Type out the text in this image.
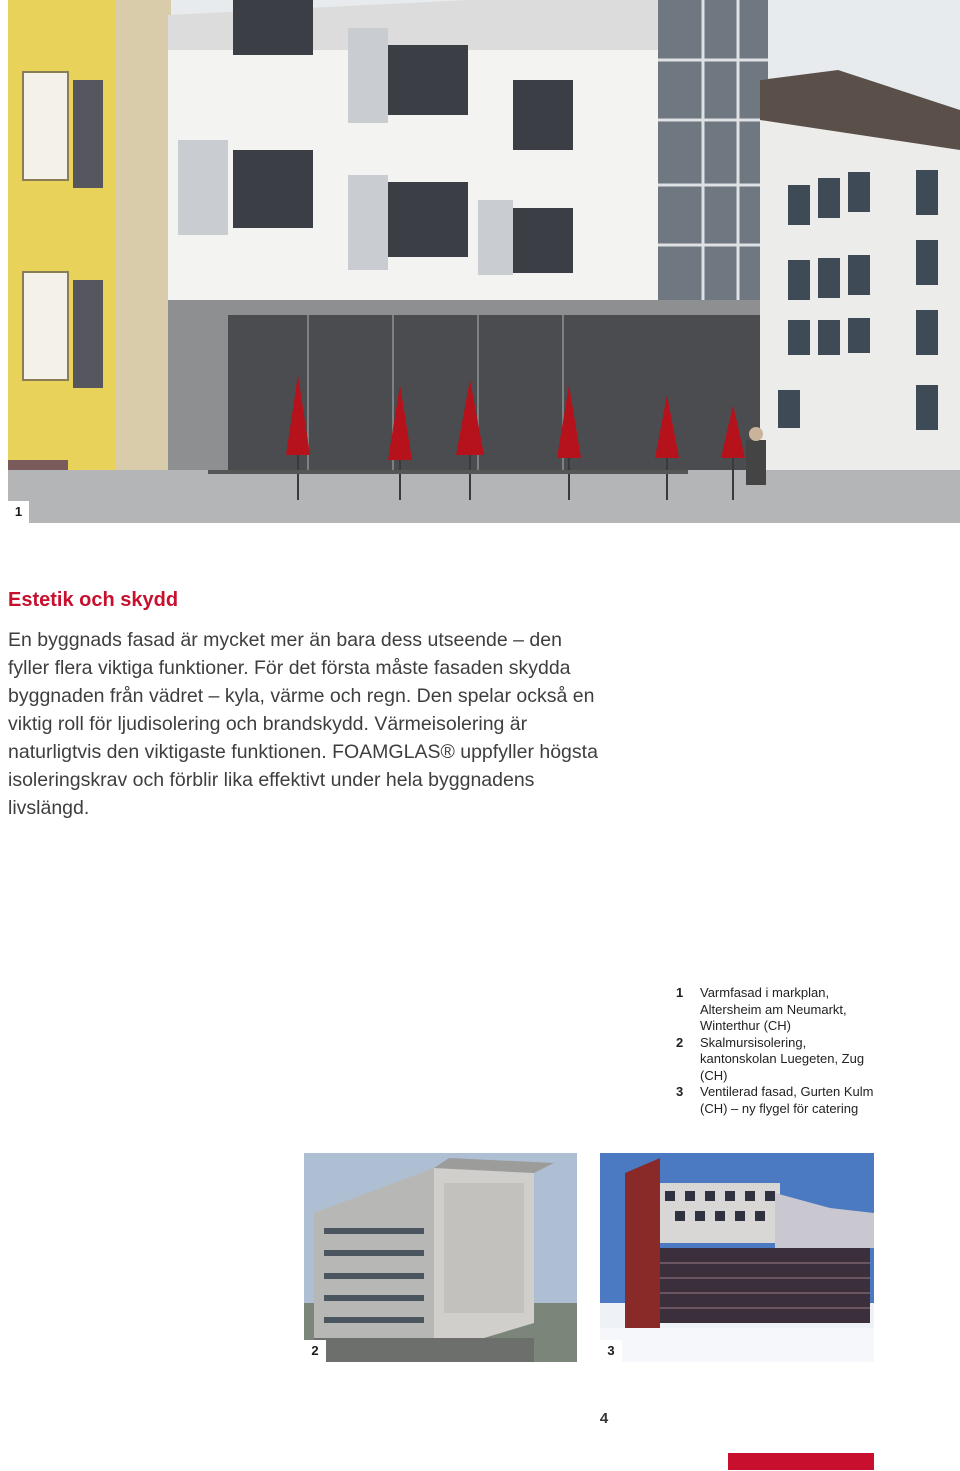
1
Estetik och skydd

En byggnads fasad är mycket mer än bara dess utseende – den fyller flera viktiga funktioner. För det första måste fasaden skydda byggnaden från vädret – kyla, värme och regn. Den spelar också en viktig roll för ljudisolering och brandskydd. Värmeisolering är naturligtvis den viktigaste funktionen. FOAMGLAS® uppfyller högsta isoleringskrav och förblir lika effektivt under hela byggnadens livslängd.

1	Varmfasad i markplan, Altersheim am Neumarkt, Winterthur (CH)
2	Skalmursisolering, kantonskolan Luegeten, Zug (CH)
3	Ventilerad fasad, Gurten Kulm (CH) – ny flygel för catering
2	3
4
